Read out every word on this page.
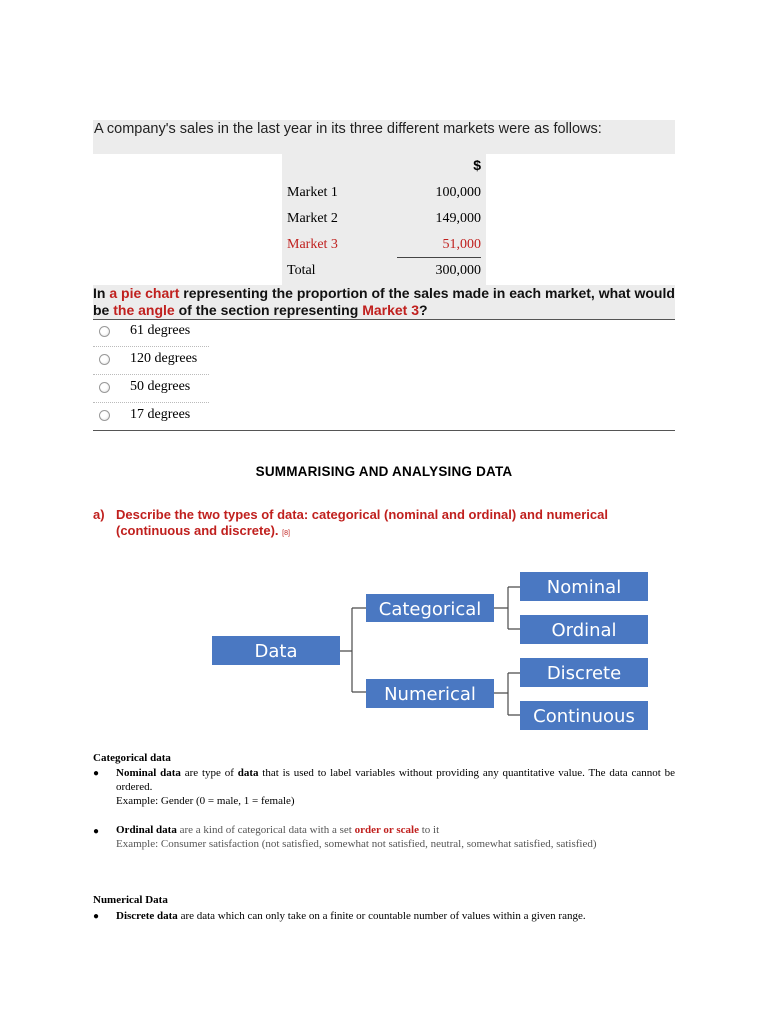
A company's sales in the last year in its three different markets were as follows:
$
Market 1	100,000
Market 2	149,000
Market 3	51,000
Total	300,000
In a pie chart representing the proportion of the sales made in each market, what would be the angle of the section representing Market 3?
61 degrees
120 degrees
50 degrees
17 degrees
SUMMARISING AND ANALYSING DATA
a) Describe the two types of data: categorical (nominal and ordinal) and numerical (continuous and discrete). [8]
Data
Categorical
Numerical
Nominal
Ordinal
Discrete
Continuous
Categorical data
● Nominal data are type of data that is used to label variables without providing any quantitative value. The data cannot be ordered.
Example: Gender (0 = male, 1 = female)
● Ordinal data are a kind of categorical data with a set order or scale to it
Example: Consumer satisfaction (not satisfied, somewhat not satisfied, neutral, somewhat satisfied, satisfied)
Numerical Data
● Discrete data are data which can only take on a finite or countable number of values within a given range.
